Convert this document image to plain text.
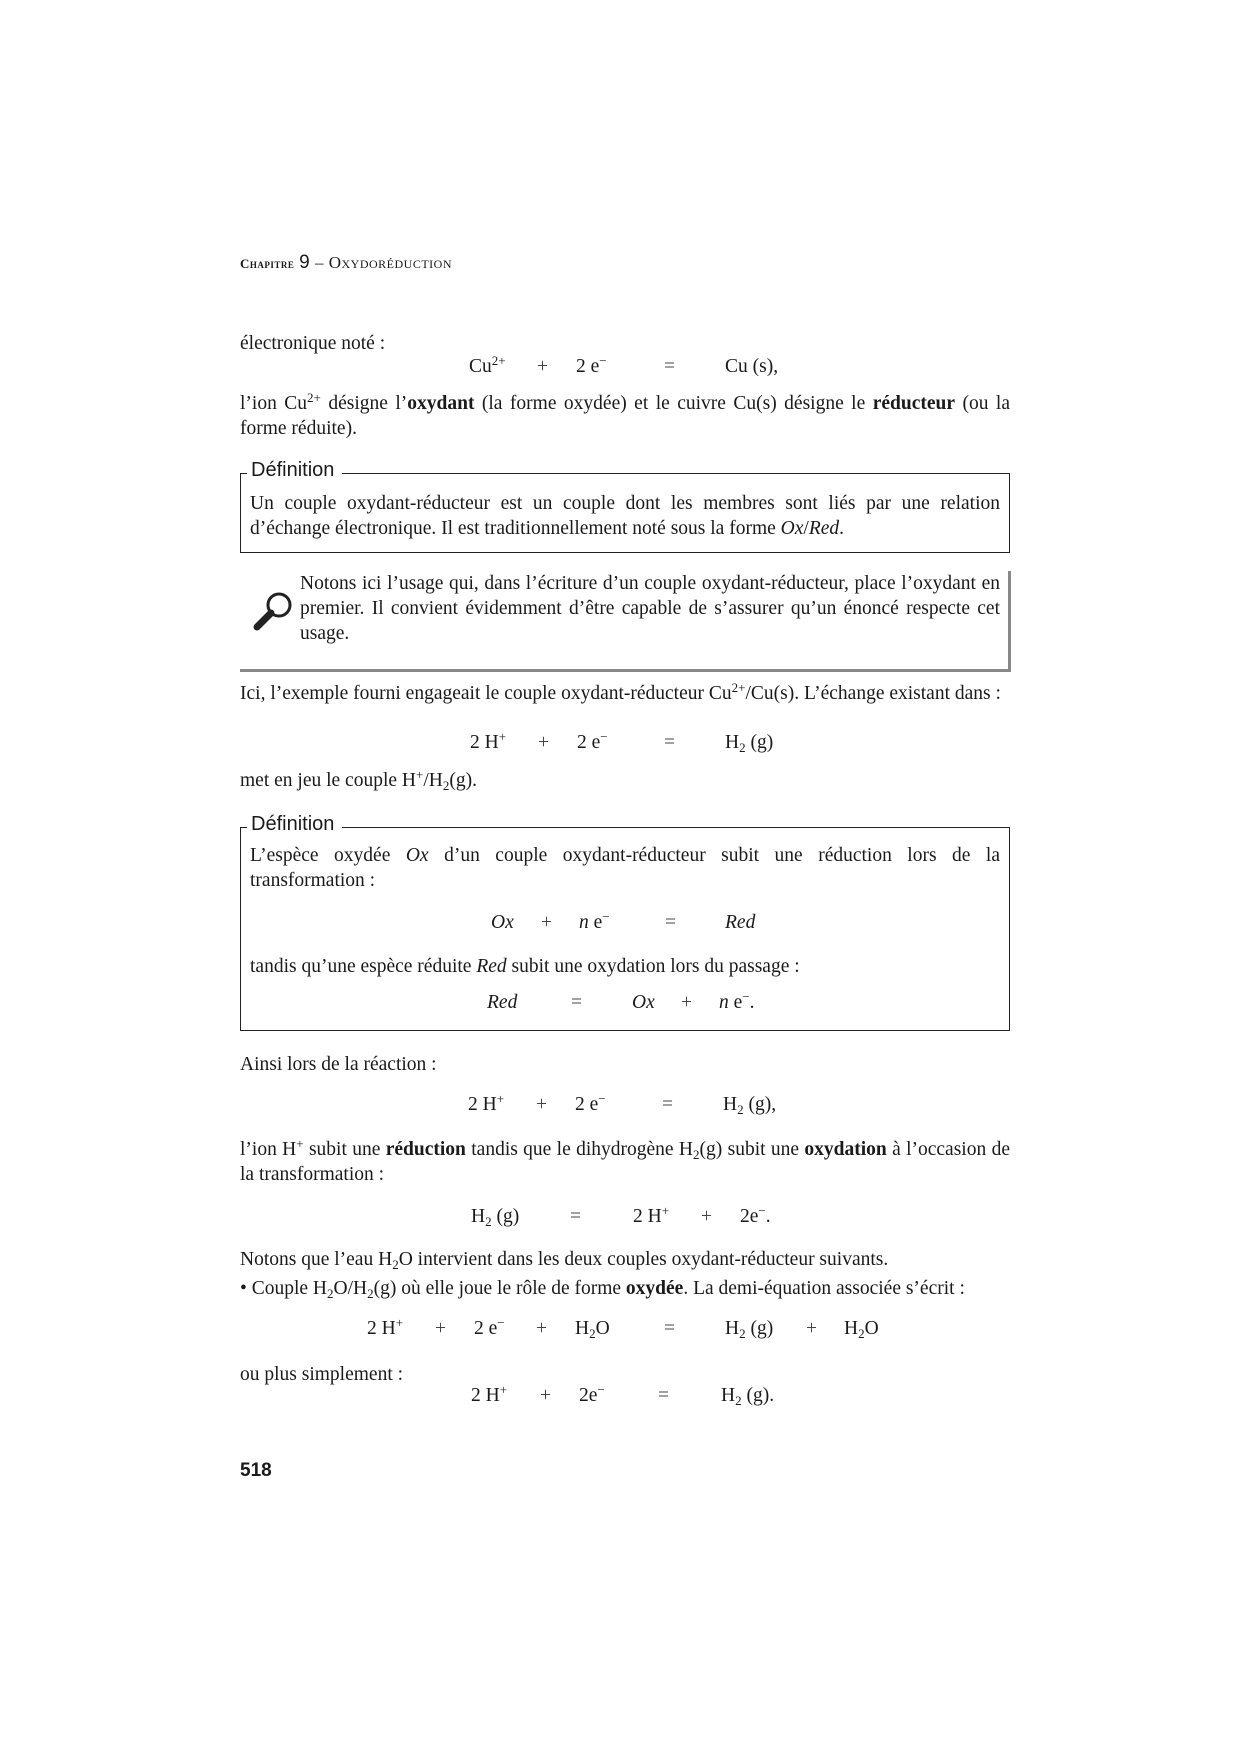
Chapitre 9 – Oxydoréduction
électronique noté :
$Cu^{2+} + 2$ e−	=	Cu (s),
l’ion $Cu^{2+}$ désigne l’oxydant (la forme oxydée) et le cuivre Cu(s) désigne le réducteur (ou la forme réduite).
Définition
Un couple oxydant-réducteur est un couple dont les membres sont liés par une relation d’échange électronique. Il est traditionnellement noté sous la forme Ox/Red.
Notons ici l’usage qui, dans l’écriture d’un couple oxydant-réducteur, place l’oxydant en premier. Il convient évidemment d’être capable de s’assurer qu’un énoncé respecte cet usage.
Ici, l’exemple fourni engageait le couple oxydant-réducteur $Cu^{2+}/Cu(s)$. L’échange existant dans :
2 H+ + 2 e−	=	$H_2$ (g)
met en jeu le couple $H^+/H_2(g)$.
Définition
L’espèce oxydée Ox d’un couple oxydant-réducteur subit une réduction lors de la transformation :
Ox + n e−	=	Red
tandis qu’une espèce réduite Red subit une oxydation lors du passage :
Red	=	Ox + n e−.
Ainsi lors de la réaction :
2 H+ + 2 e−	=	$H_2$ (g),
l’ion H+ subit une réduction tandis que le dihydrogène $H_2(g)$ subit une oxydation à l’occasion de la transformation :
$H_2$ (g)	=	2 H+ + 2e−.
Notons que l’eau $H_2O$ intervient dans les deux couples oxydant-réducteur suivants.
• Couple $H_2O/H_2(g)$ où elle joue le rôle de forme oxydée. La demi-équation associée s’écrit :
2 H+ + 2 $e^- + H_2O$	=	$H_2$ $(g) + H_2O$
ou plus simplement :
2 H+ + 2e−	=	$H_2$ (g).
518
